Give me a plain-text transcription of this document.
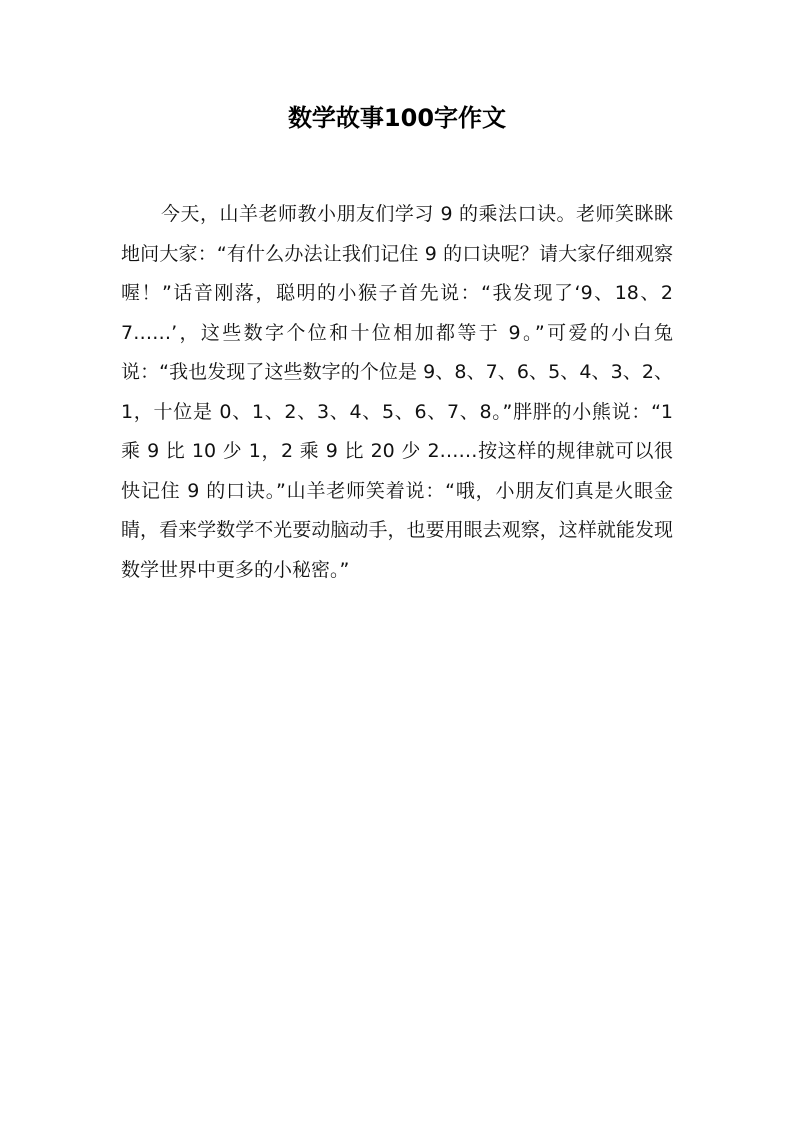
数学故事100字作文

今天，山羊老师教小朋友们学习 9 的乘法口诀。老师笑眯眯地问大家：“有什么办法让我们记住 9 的口诀呢？请大家仔细观察喔！”话音刚落，聪明的小猴子首先说：“我发现了‘9、18、27……’，这些数字个位和十位相加都等于 9。”可爱的小白兔说：“我也发现了这些数字的个位是 9、8、7、6、5、4、3、2、1，十位是 0、1、2、3、4、5、6、7、8。”胖胖的小熊说：“1 乘 9 比 10 少 1，2 乘 9 比 20 少 2……按这样的规律就可以很快记住 9 的口诀。”山羊老师笑着说：“哦，小朋友们真是火眼金睛，看来学数学不光要动脑动手，也要用眼去观察，这样就能发现数学世界中更多的小秘密。”
